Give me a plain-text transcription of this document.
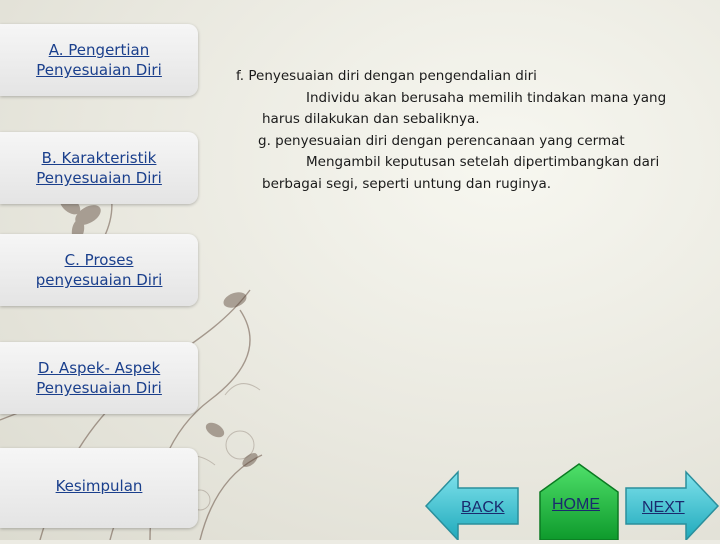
A. Pengertian
Penyesuaian Diri
B. Karakteristik
Penyesuaian Diri
C. Proses
penyesuaian Diri
D. Aspek- Aspek
Penyesuaian Diri
Kesimpulan

f. Penyesuaian diri dengan pengendalian diri

Individu akan berusaha memilih tindakan mana yang

harus dilakukan dan sebaliknya.

g. penyesuaian diri dengan perencanaan yang cermat

Mengambil keputusan setelah dipertimbangkan dari

berbagai segi, seperti untung dan ruginya.

BACK	HOME	NEXT
